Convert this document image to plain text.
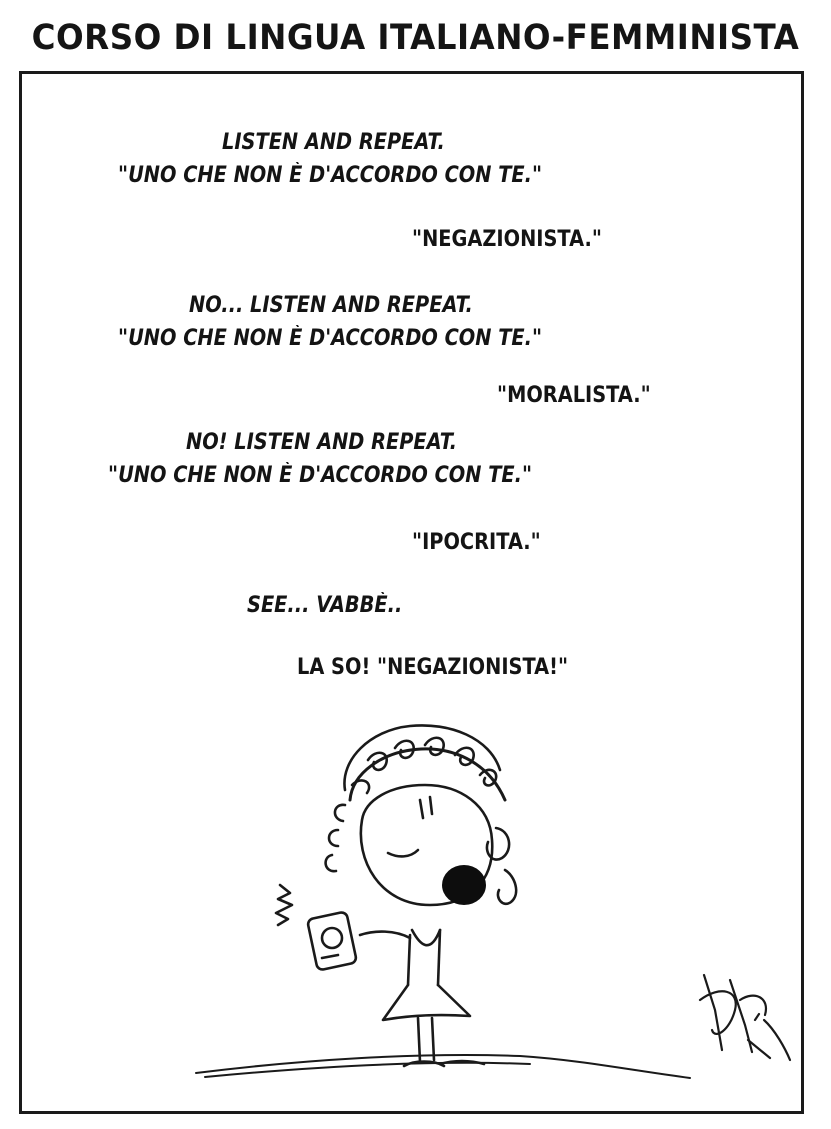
CORSO DI LINGUA ITALIANO-FEMMINISTA
LISTEN AND REPEAT.
"UNO CHE NON È D'ACCORDO CON TE."
"NEGAZIONISTA."
NO... LISTEN AND REPEAT.
"UNO CHE NON È D'ACCORDO CON TE."
"MORALISTA."
NO! LISTEN AND REPEAT.
"UNO CHE NON È D'ACCORDO CON TE."
"IPOCRITA."
SEE... VABBÈ..
LA SO! "NEGAZIONISTA!"
